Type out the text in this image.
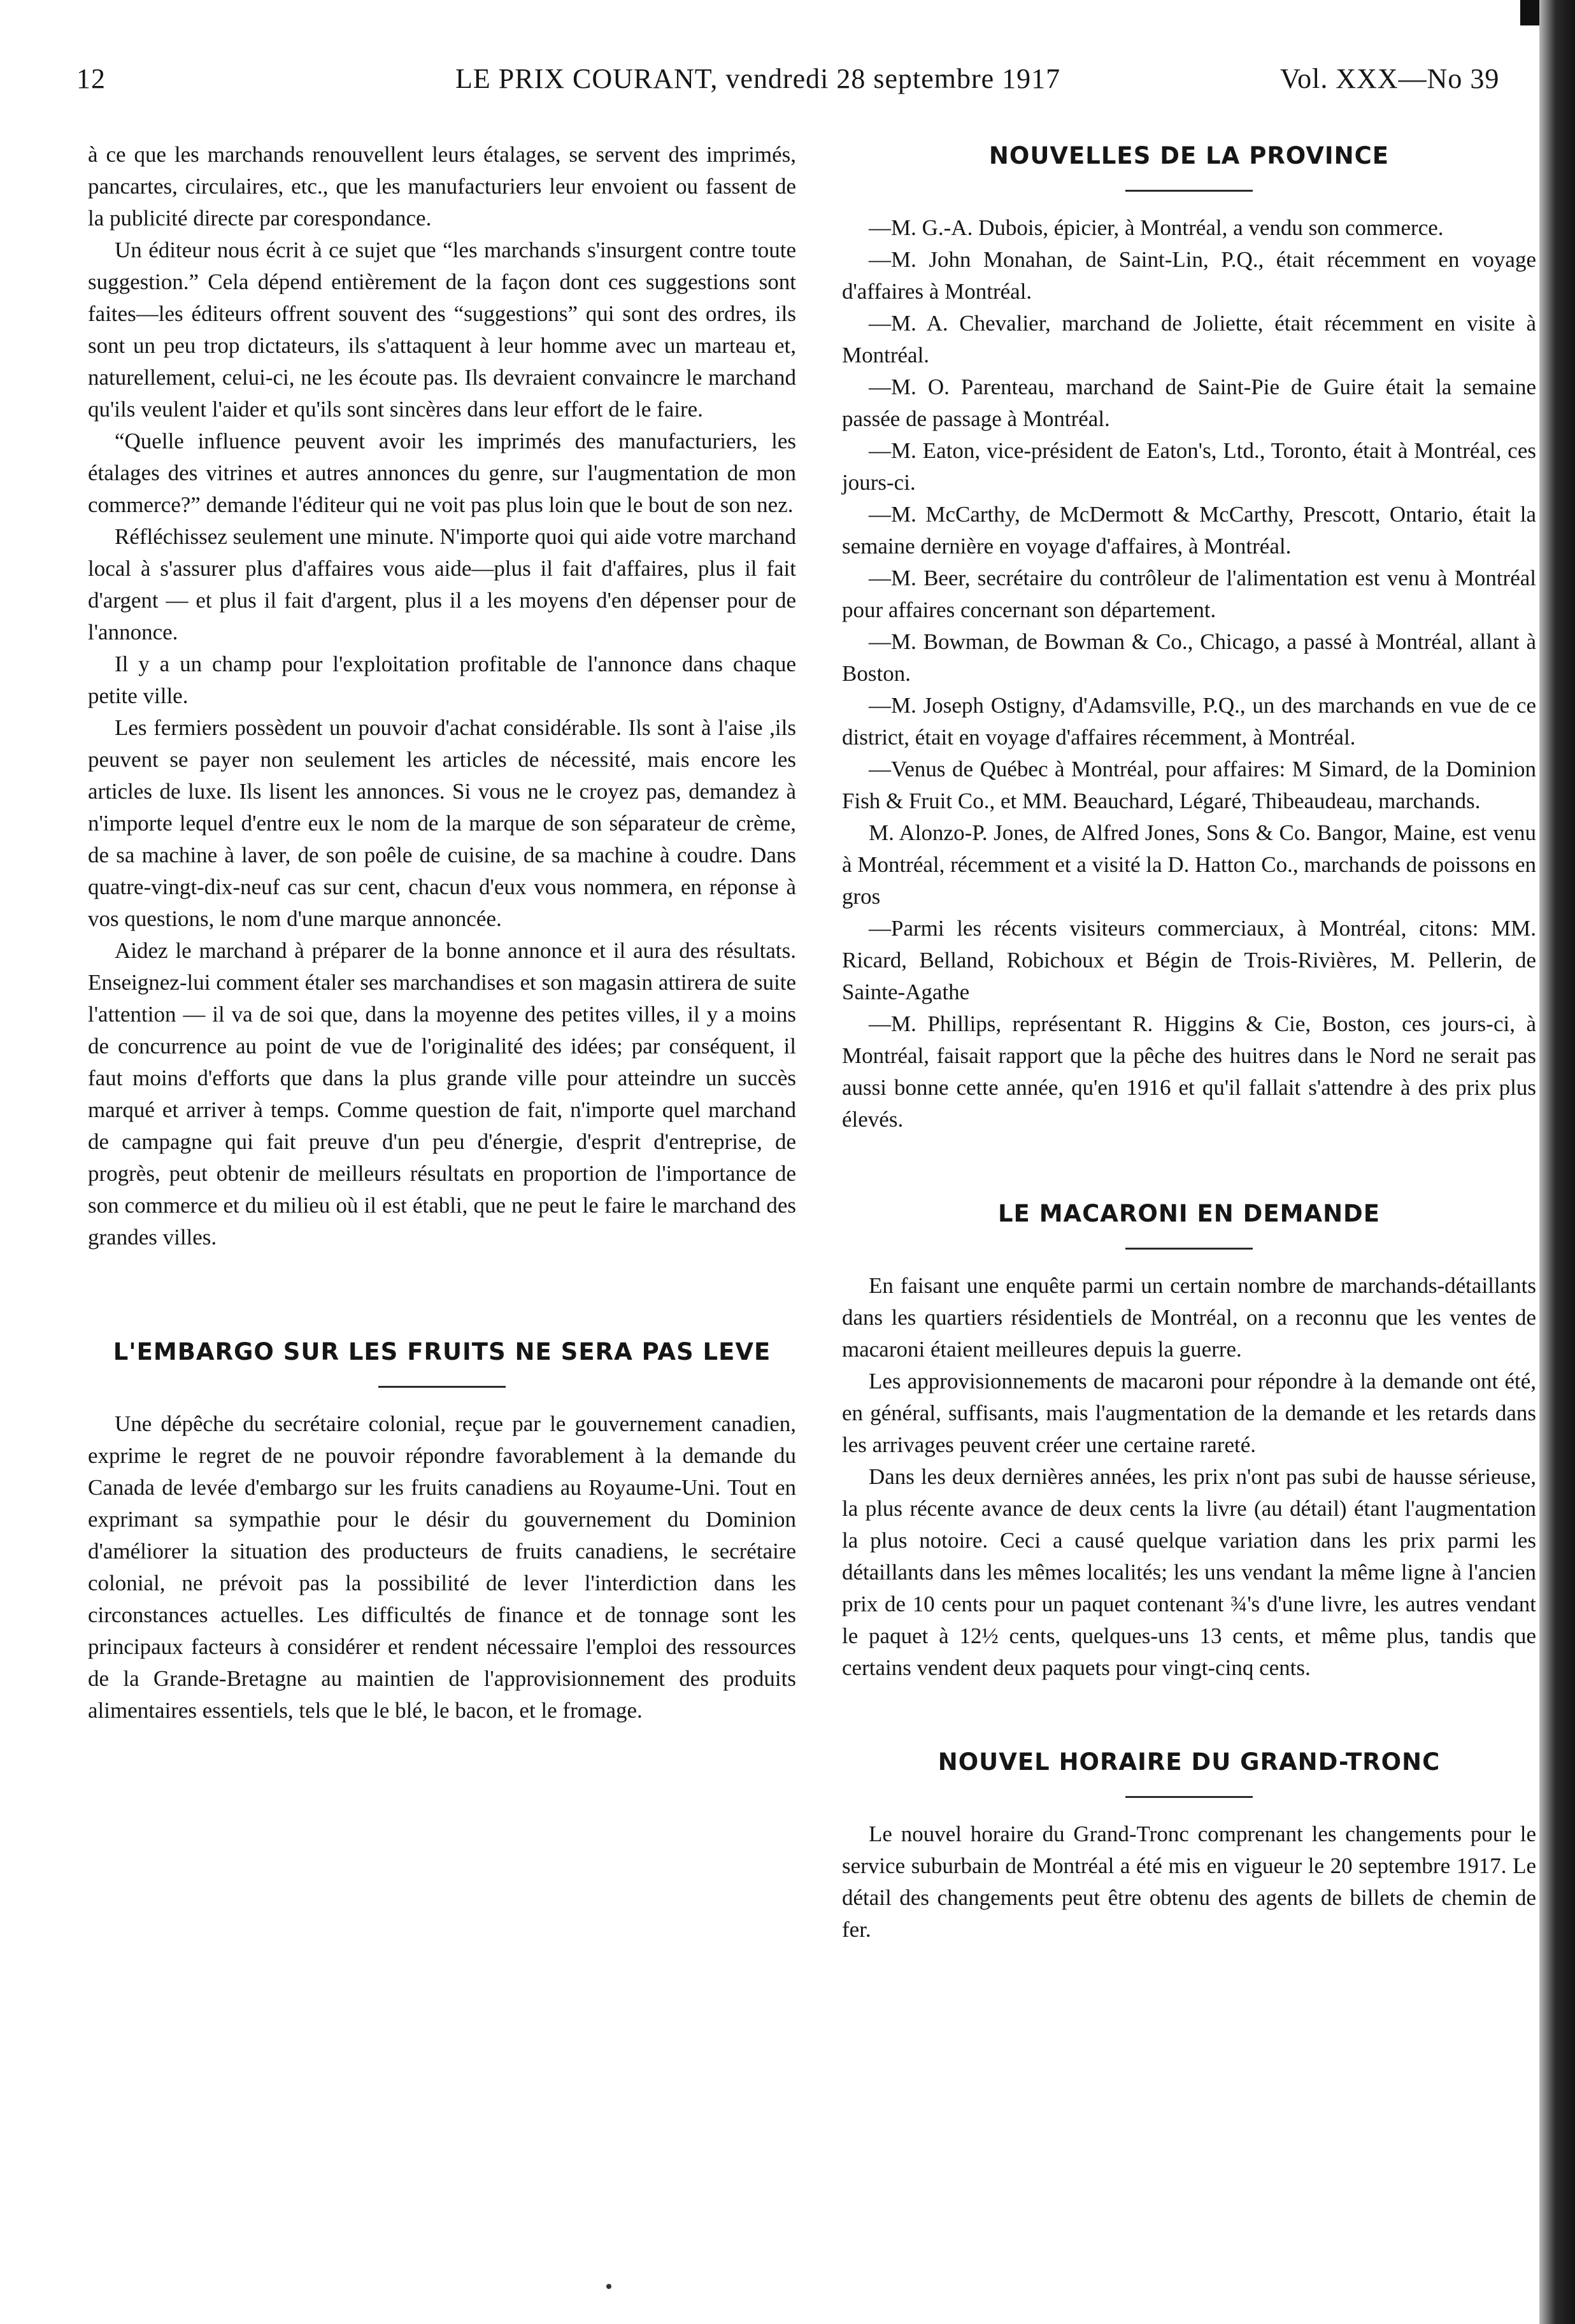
12	LE PRIX COURANT, vendredi 28 septembre 1917	Vol. XXX—No 39

à ce que les marchands renouvellent leurs étalages, se servent des imprimés, pancartes, circulaires, etc., que les manufacturiers leur envoient ou fassent de la publicité directe par corespondance.

Un éditeur nous écrit à ce sujet que “les marchands s'insurgent contre toute suggestion.” Cela dépend entièrement de la façon dont ces suggestions sont faites—les éditeurs offrent souvent des “suggestions” qui sont des ordres, ils sont un peu trop dictateurs, ils s'attaquent à leur homme avec un marteau et, naturellement, celui-ci, ne les écoute pas. Ils devraient convaincre le marchand qu'ils veulent l'aider et qu'ils sont sincères dans leur effort de le faire.

“Quelle influence peuvent avoir les imprimés des manufacturiers, les étalages des vitrines et autres annonces du genre, sur l'augmentation de mon commerce?” demande l'éditeur qui ne voit pas plus loin que le bout de son nez.

Réfléchissez seulement une minute. N'importe quoi qui aide votre marchand local à s'assurer plus d'affaires vous aide—plus il fait d'affaires, plus il fait d'argent — et plus il fait d'argent, plus il a les moyens d'en dépenser pour de l'annonce.

Il y a un champ pour l'exploitation profitable de l'annonce dans chaque petite ville.

Les fermiers possèdent un pouvoir d'achat considérable. Ils sont à l'aise ,ils peuvent se payer non seulement les articles de nécessité, mais encore les articles de luxe. Ils lisent les annonces. Si vous ne le croyez pas, demandez à n'importe lequel d'entre eux le nom de la marque de son séparateur de crème, de sa machine à laver, de son poêle de cuisine, de sa machine à coudre. Dans quatre-vingt-dix-neuf cas sur cent, chacun d'eux vous nommera, en réponse à vos questions, le nom d'une marque annoncée.

Aidez le marchand à préparer de la bonne annonce et il aura des résultats. Enseignez-lui comment étaler ses marchandises et son magasin attirera de suite l'attention — il va de soi que, dans la moyenne des petites villes, il y a moins de concurrence au point de vue de l'originalité des idées; par conséquent, il faut moins d'efforts que dans la plus grande ville pour atteindre un succès marqué et arriver à temps. Comme question de fait, n'importe quel marchand de campagne qui fait preuve d'un peu d'énergie, d'esprit d'entreprise, de progrès, peut obtenir de meilleurs résultats en proportion de l'importance de son commerce et du milieu où il est établi, que ne peut le faire le marchand des grandes villes.

L'EMBARGO SUR LES FRUITS NE SERA PAS LEVE

Une dépêche du secrétaire colonial, reçue par le gouvernement canadien, exprime le regret de ne pouvoir répondre favorablement à la demande du Canada de levée d'embargo sur les fruits canadiens au Royaume-Uni. Tout en exprimant sa sympathie pour le désir du gouvernement du Dominion d'améliorer la situation des producteurs de fruits canadiens, le secrétaire colonial, ne prévoit pas la possibilité de lever l'interdiction dans les circonstances actuelles. Les difficultés de finance et de tonnage sont les principaux facteurs à considérer et rendent nécessaire l'emploi des ressources de la Grande-Bretagne au maintien de l'approvisionnement des produits alimentaires essentiels, tels que le blé, le bacon, et le fromage.

NOUVELLES DE LA PROVINCE

—M. G.-A. Dubois, épicier, à Montréal, a vendu son commerce.

—M. John Monahan, de Saint-Lin, P.Q., était récemment en voyage d'affaires à Montréal.

—M. A. Chevalier, marchand de Joliette, était récemment en visite à Montréal.

—M. O. Parenteau, marchand de Saint-Pie de Guire était la semaine passée de passage à Montréal.

—M. Eaton, vice-président de Eaton's, Ltd., Toronto, était à Montréal, ces jours-ci.

—M. McCarthy, de McDermott & McCarthy, Prescott, Ontario, était la semaine dernière en voyage d'affaires, à Montréal.

—M. Beer, secrétaire du contrôleur de l'alimentation est venu à Montréal pour affaires concernant son département.

—M. Bowman, de Bowman & Co., Chicago, a passé à Montréal, allant à Boston.

—M. Joseph Ostigny, d'Adamsville, P.Q., un des marchands en vue de ce district, était en voyage d'affaires récemment, à Montréal.

—Venus de Québec à Montréal, pour affaires: M Simard, de la Dominion Fish & Fruit Co., et MM. Beauchard, Légaré, Thibeaudeau, marchands.

M. Alonzo-P. Jones, de Alfred Jones, Sons & Co. Bangor, Maine, est venu à Montréal, récemment et a visité la D. Hatton Co., marchands de poissons en gros

—Parmi les récents visiteurs commerciaux, à Montréal, citons: MM. Ricard, Belland, Robichoux et Bégin de Trois-Rivières, M. Pellerin, de Sainte-Agathe

—M. Phillips, représentant R. Higgins & Cie, Boston, ces jours-ci, à Montréal, faisait rapport que la pêche des huitres dans le Nord ne serait pas aussi bonne cette année, qu'en 1916 et qu'il fallait s'attendre à des prix plus élevés.

LE MACARONI EN DEMANDE

En faisant une enquête parmi un certain nombre de marchands-détaillants dans les quartiers résidentiels de Montréal, on a reconnu que les ventes de macaroni étaient meilleures depuis la guerre.

Les approvisionnements de macaroni pour répondre à la demande ont été, en général, suffisants, mais l'augmentation de la demande et les retards dans les arrivages peuvent créer une certaine rareté.

Dans les deux dernières années, les prix n'ont pas subi de hausse sérieuse, la plus récente avance de deux cents la livre (au détail) étant l'augmentation la plus notoire. Ceci a causé quelque variation dans les prix parmi les détaillants dans les mêmes localités; les uns vendant la même ligne à l'ancien prix de 10 cents pour un paquet contenant ¾'s d'une livre, les autres vendant le paquet à 12½ cents, quelques-uns 13 cents, et même plus, tandis que certains vendent deux paquets pour vingt-cinq cents.

NOUVEL HORAIRE DU GRAND-TRONC

Le nouvel horaire du Grand-Tronc comprenant les changements pour le service suburbain de Montréal a été mis en vigueur le 20 septembre 1917. Le détail des changements peut être obtenu des agents de billets de chemin de fer.
